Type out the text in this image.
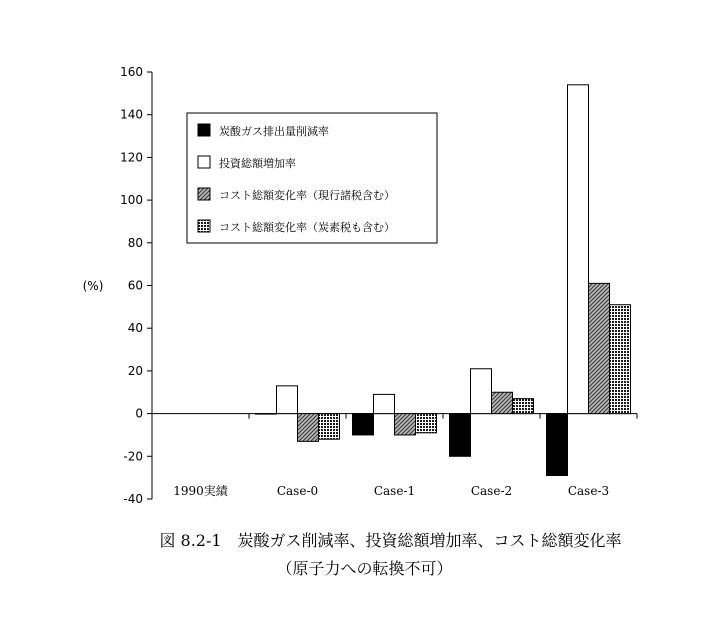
-40
-20
0
20
40
60
80
100
120
140
160
(%)
1990実績	Case-0	Case-1	Case-2	Case-3
炭酸ガス排出量削減率
投資総額増加率
コスト総額変化率（現行諸税含む）
コスト総額変化率（炭素税も含む）
図 8.2-1　炭酸ガス削減率、投資総額増加率、コスト総額変化率
（原子力への転換不可）
